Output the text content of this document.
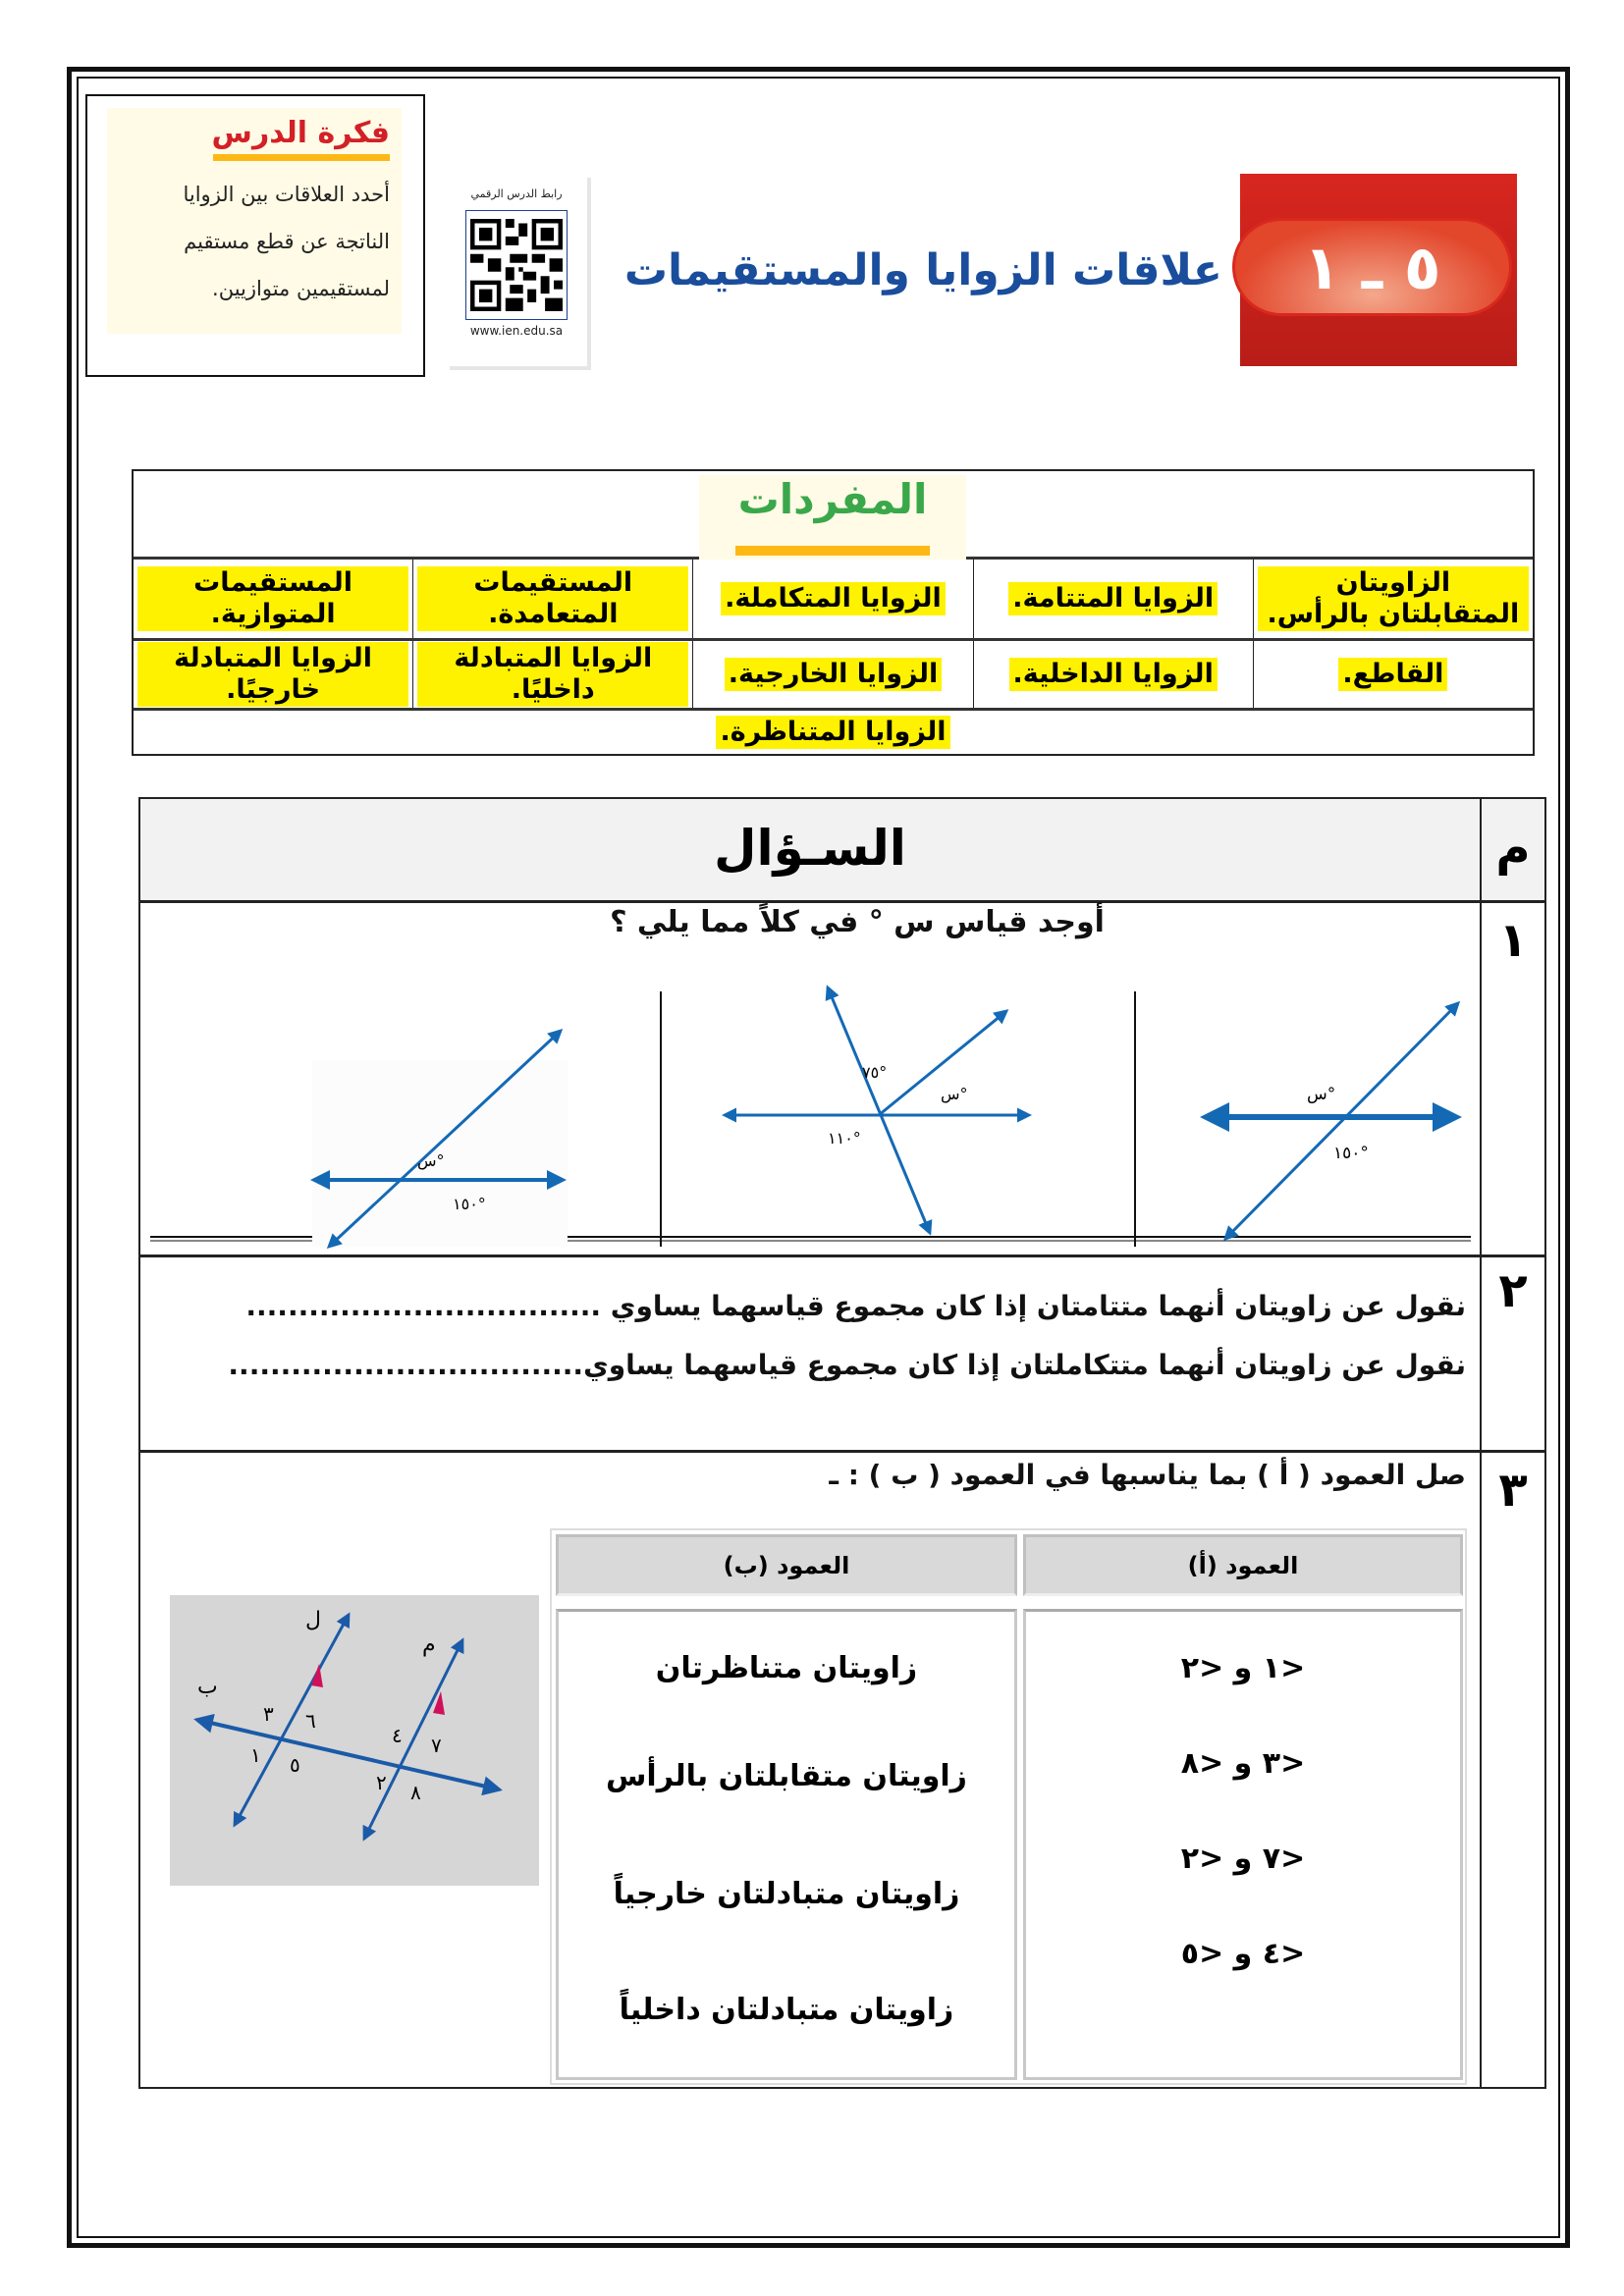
فكرة الدرس
أحدد العلاقات بين الزوايا
الناتجة عن قطع مستقيم
لمستقيمين متوازيين.
رابط الدرس الرقمي
www.ien.edu.sa
٥ ـ ١
علاقات الزوايا والمستقيمات
المفردات
الزاويتان المتقابلتان بالرأس.
الزوايا المتتامة.
الزوايا المتكاملة.
المستقيمات المتعامدة.
المستقيمات المتوازية.
القاطع.
الزوايا الداخلية.
الزوايا الخارجية.
الزوايا المتبادلة داخليًا.
الزوايا المتبادلة خارجيًا.
الزوايا المتناظرة.
السـؤال	م
١
أوجد قياس س ° في كلاً مما يلي ؟
س°
١٥٠°
٧٥°
س°
١١٠°
س°
١٥٠°
٢
نقول عن زاويتان أنهما متتامتان إذا كان مجموع قياسهما يساوي ..................................
نقول عن زاويتان أنهما متتكاملتان إذا كان مجموع قياسهما يساوي..................................
٣
صل العمود ( أ ) بما يناسبها في العمود ( ب ) : ـ
ل
م
ب
٣ ٦
١ ٥
٤ ٧
٢ ٨
العمود (أ)
العمود (ب)
<١ و <٢
<٣ و <٨
<٧ و <٢
<٤ و <٥
زاويتان متناظرتان
زاويتان متقابلتان بالرأس
زاويتان متبادلتان خارجياً
زاويتان متبادلتان داخلياً
